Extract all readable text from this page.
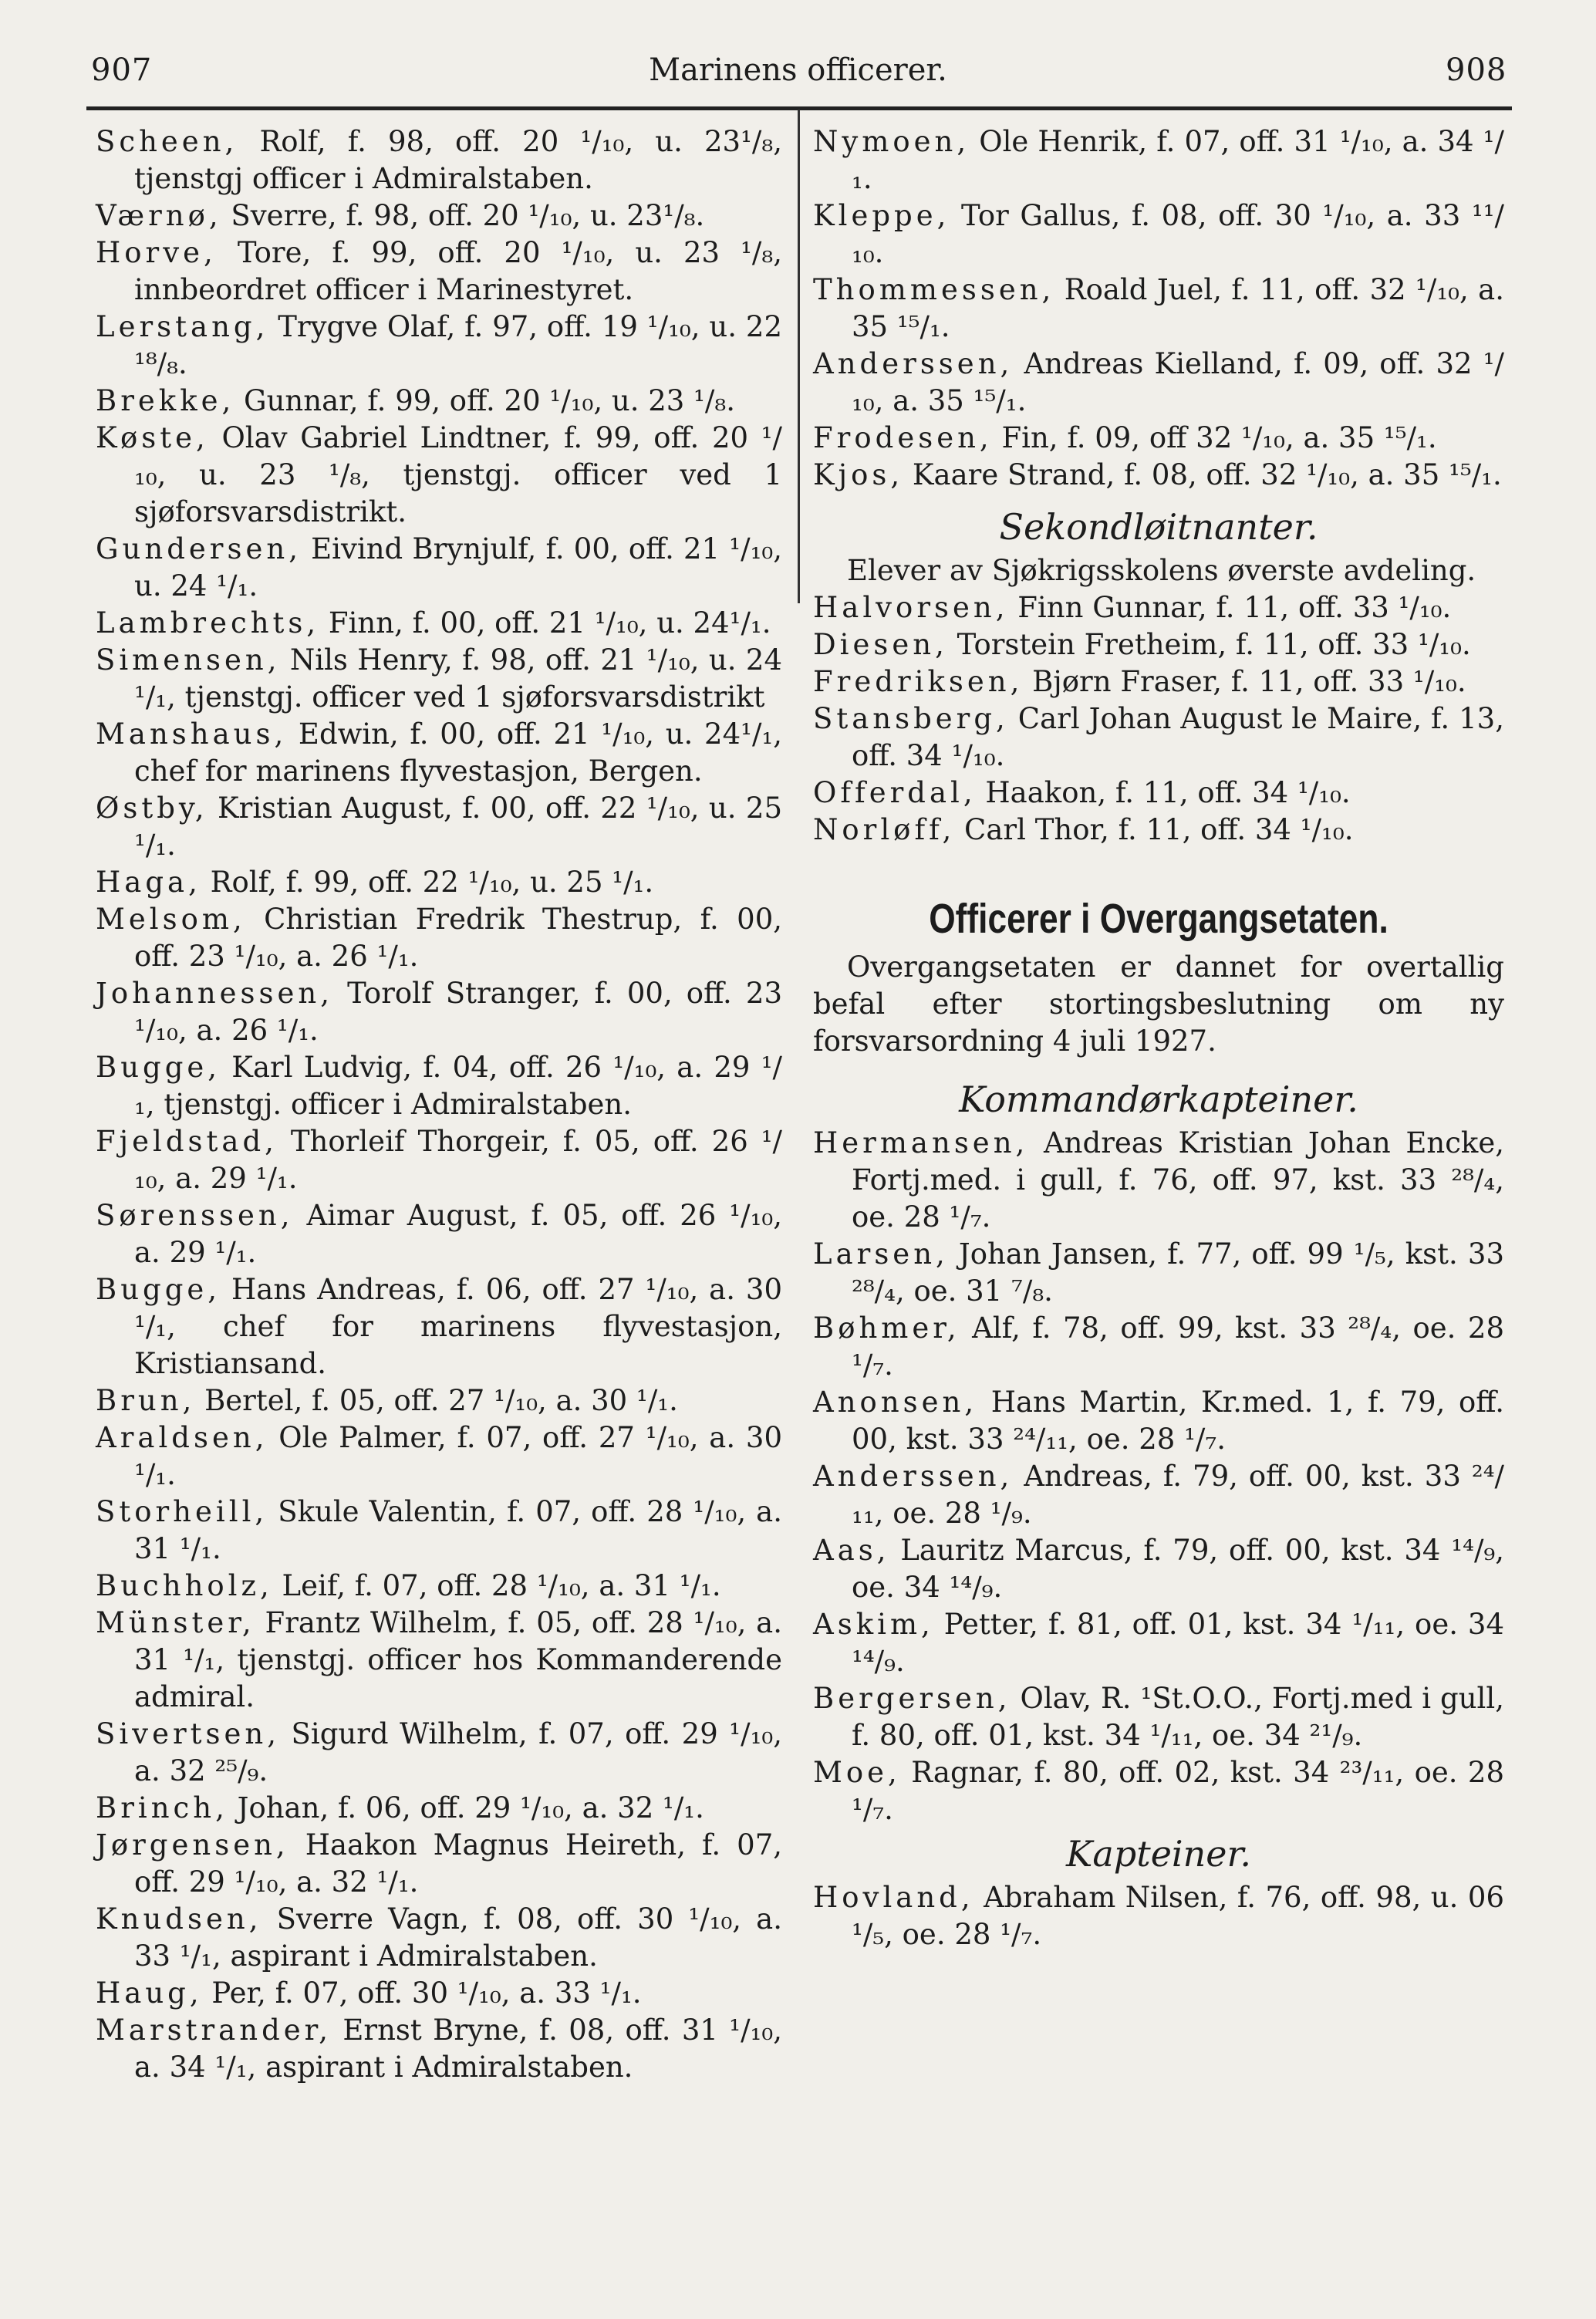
Marinens officerer.
907	908
Scheen, Rolf, f. 98, off. 20 ¹/₁₀, u. 23¹/₈, tjenstgj officer i Admiralstaben.
Værnø, Sverre, f. 98, off. 20 ¹/₁₀, u. 23¹/₈.
Horve, Tore, f. 99, off. 20 ¹/₁₀, u. 23 ¹/₈, innbeordret officer i Marinestyret.
Lerstang, Trygve Olaf, f. 97, off. 19 ¹/₁₀, u. 22 ¹⁸/₈.
Brekke, Gunnar, f. 99, off. 20 ¹/₁₀, u. 23 ¹/₈.
Køste, Olav Gabriel Lindtner, f. 99, off. 20 ¹/₁₀, u. 23 ¹/₈, tjenstgj. officer ved 1 sjøforsvarsdistrikt.
Gundersen, Eivind Brynjulf, f. 00, off. 21 ¹/₁₀, u. 24 ¹/₁.
Lambrechts, Finn, f. 00, off. 21 ¹/₁₀, u. 24¹/₁.
Simensen, Nils Henry, f. 98, off. 21 ¹/₁₀, u. 24 ¹/₁, tjenstgj. officer ved 1 sjøforsvarsdistrikt
Manshaus, Edwin, f. 00, off. 21 ¹/₁₀, u. 24¹/₁, chef for marinens flyvestasjon, Bergen.
Østby, Kristian August, f. 00, off. 22 ¹/₁₀, u. 25 ¹/₁.
Haga, Rolf, f. 99, off. 22 ¹/₁₀, u. 25 ¹/₁.
Melsom, Christian Fredrik Thestrup, f. 00, off. 23 ¹/₁₀, a. 26 ¹/₁.
Johannessen, Torolf Stranger, f. 00, off. 23 ¹/₁₀, a. 26 ¹/₁.
Bugge, Karl Ludvig, f. 04, off. 26 ¹/₁₀, a. 29 ¹/₁, tjenstgj. officer i Admiralstaben.
Fjeldstad, Thorleif Thorgeir, f. 05, off. 26 ¹/₁₀, a. 29 ¹/₁.
Sørenssen, Aimar August, f. 05, off. 26 ¹/₁₀, a. 29 ¹/₁.
Bugge, Hans Andreas, f. 06, off. 27 ¹/₁₀, a. 30 ¹/₁, chef for marinens flyvestasjon, Kristiansand.
Brun, Bertel, f. 05, off. 27 ¹/₁₀, a. 30 ¹/₁.
Araldsen, Ole Palmer, f. 07, off. 27 ¹/₁₀, a. 30 ¹/₁.
Storheill, Skule Valentin, f. 07, off. 28 ¹/₁₀, a. 31 ¹/₁.
Buchholz, Leif, f. 07, off. 28 ¹/₁₀, a. 31 ¹/₁.
Münster, Frantz Wilhelm, f. 05, off. 28 ¹/₁₀, a. 31 ¹/₁, tjenstgj. officer hos Kommanderende admiral.
Sivertsen, Sigurd Wilhelm, f. 07, off. 29 ¹/₁₀, a. 32 ²⁵/₉.
Brinch, Johan, f. 06, off. 29 ¹/₁₀, a. 32 ¹/₁.
Jørgensen, Haakon Magnus Heireth, f. 07, off. 29 ¹/₁₀, a. 32 ¹/₁.
Knudsen, Sverre Vagn, f. 08, off. 30 ¹/₁₀, a. 33 ¹/₁, aspirant i Admiralstaben.
Haug, Per, f. 07, off. 30 ¹/₁₀, a. 33 ¹/₁.
Marstrander, Ernst Bryne, f. 08, off. 31 ¹/₁₀, a. 34 ¹/₁, aspirant i Admiralstaben.
Nymoen, Ole Henrik, f. 07, off. 31 ¹/₁₀, a. 34 ¹/₁.
Kleppe, Tor Gallus, f. 08, off. 30 ¹/₁₀, a. 33 ¹¹/₁₀.
Thommessen, Roald Juel, f. 11, off. 32 ¹/₁₀, a. 35 ¹⁵/₁.
Anderssen, Andreas Kielland, f. 09, off. 32 ¹/₁₀, a. 35 ¹⁵/₁.
Frodesen, Fin, f. 09, off 32 ¹/₁₀, a. 35 ¹⁵/₁.
Kjos, Kaare Strand, f. 08, off. 32 ¹/₁₀, a. 35 ¹⁵/₁.
Sekondløitnanter.
Elever av Sjøkrigsskolens øverste avdeling.
Halvorsen, Finn Gunnar, f. 11, off. 33 ¹/₁₀.
Diesen, Torstein Fretheim, f. 11, off. 33 ¹/₁₀.
Fredriksen, Bjørn Fraser, f. 11, off. 33 ¹/₁₀.
Stansberg, Carl Johan August le Maire, f. 13, off. 34 ¹/₁₀.
Offerdal, Haakon, f. 11, off. 34 ¹/₁₀.
Norløff, Carl Thor, f. 11, off. 34 ¹/₁₀.
Officerer i Overgangsetaten.
Overgangsetaten er dannet for overtallig befal efter stortingsbeslutning om ny forsvarsordning 4 juli 1927.
Kommandørkapteiner.
Hermansen, Andreas Kristian Johan Encke, Fortj.med. i gull, f. 76, off. 97, kst. 33 ²⁸/₄, oe. 28 ¹/₇.
Larsen, Johan Jansen, f. 77, off. 99 ¹/₅, kst. 33 ²⁸/₄, oe. 31 ⁷/₈.
Bøhmer, Alf, f. 78, off. 99, kst. 33 ²⁸/₄, oe. 28 ¹/₇.
Anonsen, Hans Martin, Kr.med. 1, f. 79, off. 00, kst. 33 ²⁴/₁₁, oe. 28 ¹/₇.
Anderssen, Andreas, f. 79, off. 00, kst. 33 ²⁴/₁₁, oe. 28 ¹/₉.
Aas, Lauritz Marcus, f. 79, off. 00, kst. 34 ¹⁴/₉, oe. 34 ¹⁴/₉.
Askim, Petter, f. 81, off. 01, kst. 34 ¹/₁₁, oe. 34 ¹⁴/₉.
Bergersen, Olav, R. ¹St.O.O., Fortj.med i gull, f. 80, off. 01, kst. 34 ¹/₁₁, oe. 34 ²¹/₉.
Moe, Ragnar, f. 80, off. 02, kst. 34 ²³/₁₁, oe. 28 ¹/₇.
Kapteiner.
Hovland, Abraham Nilsen, f. 76, off. 98, u. 06 ¹/₅, oe. 28 ¹/₇.
